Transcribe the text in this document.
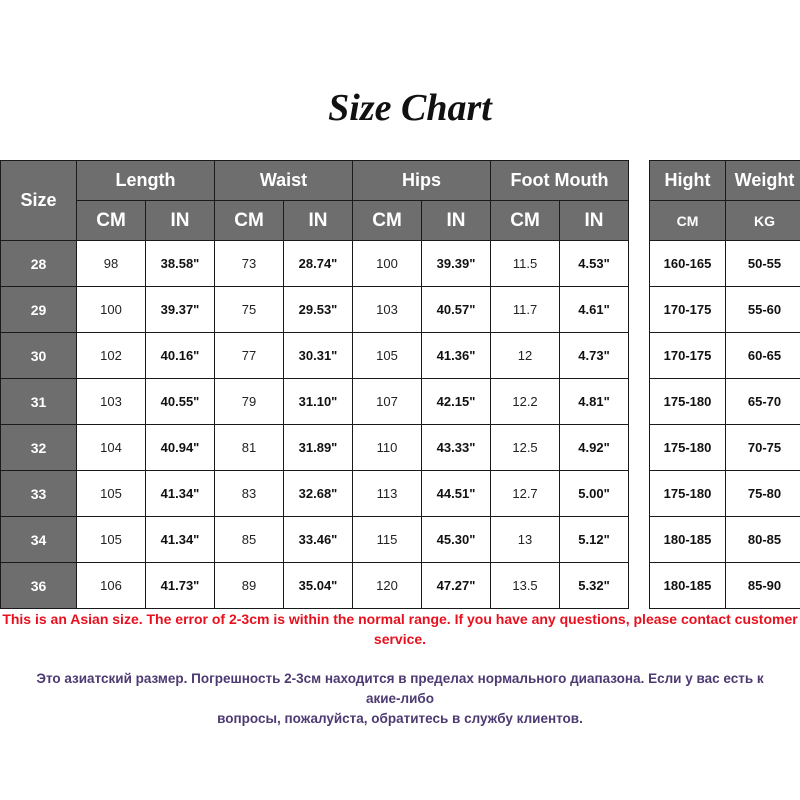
Size Chart
Size	Length		Waist		Hips		Foot Mouth	
	CM	IN	CM	IN	CM	IN	CM	IN
28	98	38.58"	73	28.74"	100	39.39"	11.5	4.53"
29	100	39.37"	75	29.53"	103	40.57"	11.7	4.61"
30	102	40.16"	77	30.31"	105	41.36"	12	4.73"
31	103	40.55"	79	31.10"	107	42.15"	12.2	4.81"
32	104	40.94"	81	31.89"	110	43.33"	12.5	4.92"
33	105	41.34"	83	32.68"	113	44.51"	12.7	5.00"
34	105	41.34"	85	33.46"	115	45.30"	13	5.12"
36	106	41.73"	89	35.04"	120	47.27"	13.5	5.32"
Hight	Weight
CM	KG
160-165	50-55
170-175	55-60
170-175	60-65
175-180	65-70
175-180	70-75
175-180	75-80
180-185	80-85
180-185	85-90
This is an Asian size. The error of 2-3cm is within the normal range. If you have any questions, please contact customer service.
Это азиатский размер. Погрешность 2-3см находится в пределах нормального диапазона. Если у вас есть к
акие-либо
вопросы, пожалуйста, обратитесь в службу клиентов.
